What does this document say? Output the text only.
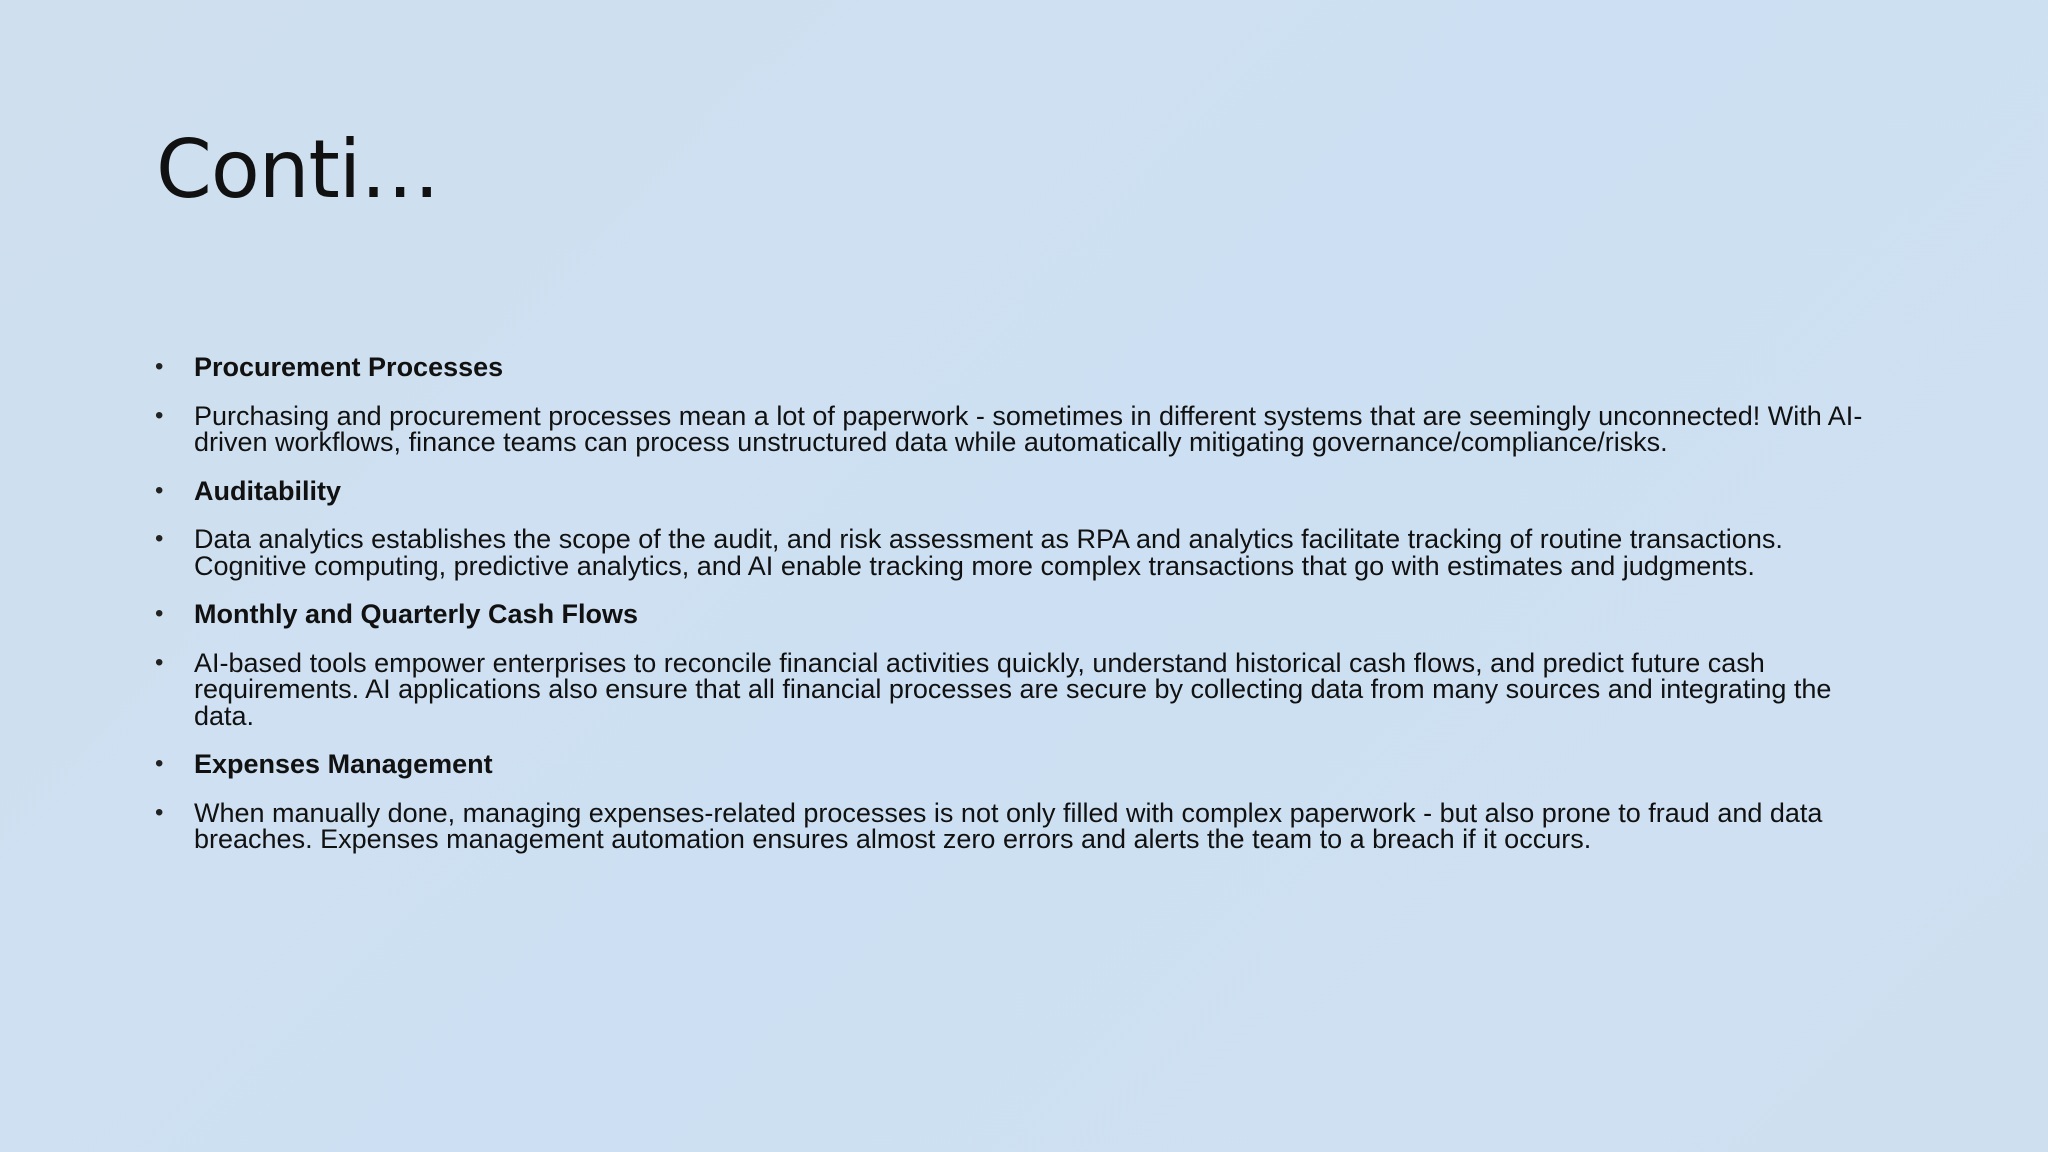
Conti…
•	Procurement Processes
•	Purchasing and procurement processes mean a lot of paperwork - sometimes in different systems that are seemingly unconnected! With AI-driven workflows, finance teams can process unstructured data while automatically mitigating governance/compliance/risks.
•	Auditability
•	Data analytics establishes the scope of the audit, and risk assessment as RPA and analytics facilitate tracking of routine transactions. Cognitive computing, predictive analytics, and AI enable tracking more complex transactions that go with estimates and judgments.
•	Monthly and Quarterly Cash Flows
•	AI-based tools empower enterprises to reconcile financial activities quickly, understand historical cash flows, and predict future cash requirements. AI applications also ensure that all financial processes are secure by collecting data from many sources and integrating the data.
•	Expenses Management
•	When manually done, managing expenses-related processes is not only filled with complex paperwork - but also prone to fraud and data breaches. Expenses management automation ensures almost zero errors and alerts the team to a breach if it occurs.
